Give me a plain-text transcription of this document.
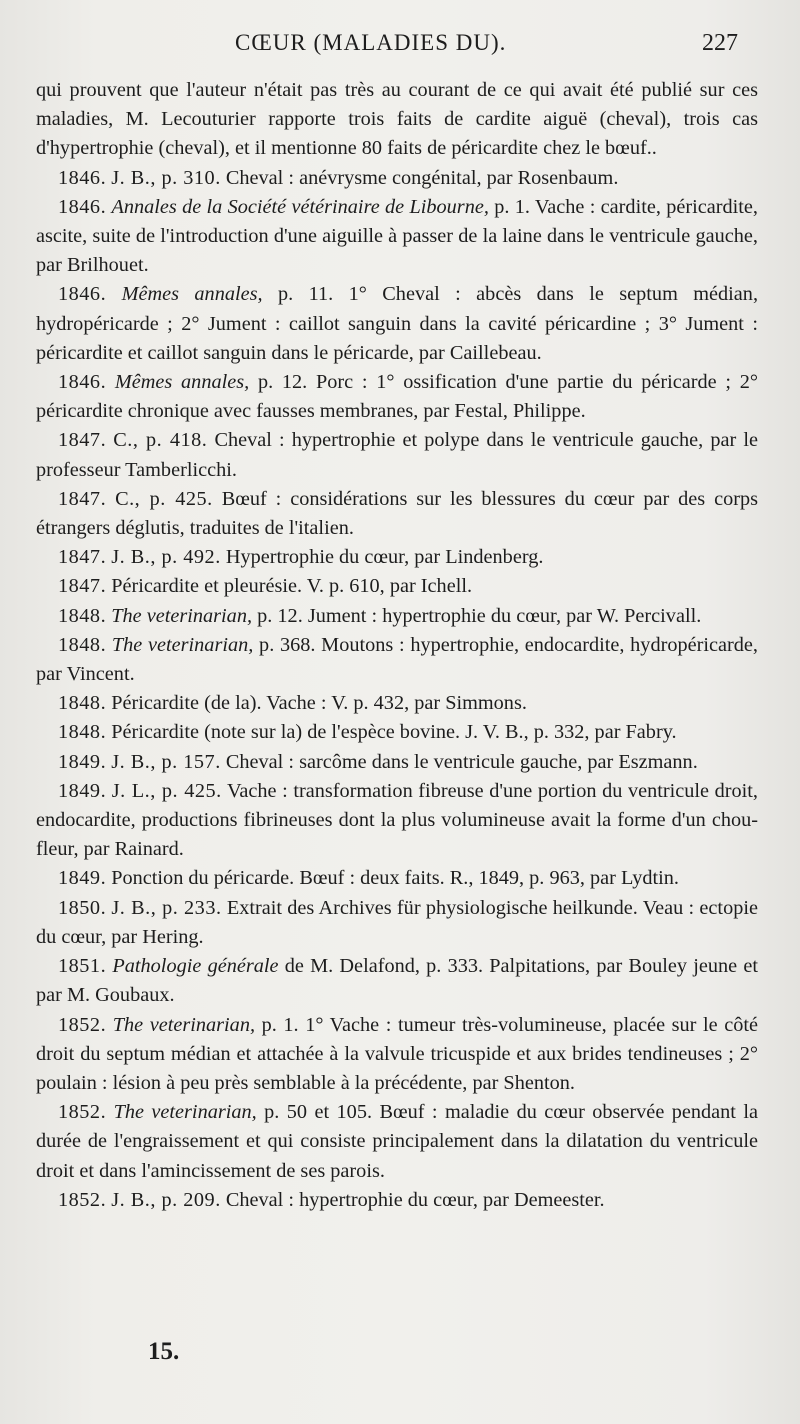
CŒUR (MALADIES DU).	227

qui prouvent que l'auteur n'était pas très au courant de ce qui avait été publié sur ces maladies, M. Lecouturier rapporte trois faits de cardite aiguë (cheval), trois cas d'hypertrophie (cheval), et il mentionne 80 faits de péricardite chez le bœuf..

1846. J. B., p. 310. Cheval : anévrysme congénital, par Rosenbaum.

1846. Annales de la Société vétérinaire de Libourne, p. 1. Vache : cardite, péricardite, ascite, suite de l'introduction d'une aiguille à passer de la laine dans le ventricule gauche, par Brilhouet.

1846. Mêmes annales, p. 11. 1° Cheval : abcès dans le septum médian, hydropéricarde ; 2° Jument : caillot sanguin dans la cavité péricardine ; 3° Jument : péricardite et caillot sanguin dans le péricarde, par Caillebeau.

1846. Mêmes annales, p. 12. Porc : 1° ossification d'une partie du péricarde ; 2° péricardite chronique avec fausses membranes, par Festal, Philippe.

1847. C., p. 418. Cheval : hypertrophie et polype dans le ventricule gauche, par le professeur Tamberlicchi.

1847. C., p. 425. Bœuf : considérations sur les blessures du cœur par des corps étrangers déglutis, traduites de l'italien.

1847. J. B., p. 492. Hypertrophie du cœur, par Lindenberg.

1847. Péricardite et pleurésie. V. p. 610, par Ichell.

1848. The veterinarian, p. 12. Jument : hypertrophie du cœur, par W. Percivall.

1848. The veterinarian, p. 368. Moutons : hypertrophie, endocardite, hydropéricarde, par Vincent.

1848. Péricardite (de la). Vache : V. p. 432, par Simmons.

1848. Péricardite (note sur la) de l'espèce bovine. J. V. B., p. 332, par Fabry.

1849. J. B., p. 157. Cheval : sarcôme dans le ventricule gauche, par Eszmann.

1849. J. L., p. 425. Vache : transformation fibreuse d'une portion du ventricule droit, endocardite, productions fibrineuses dont la plus volumineuse avait la forme d'un chou-fleur, par Rainard.

1849. Ponction du péricarde. Bœuf : deux faits. R., 1849, p. 963, par Lydtin.

1850. J. B., p. 233. Extrait des Archives für physiologische heilkunde. Veau : ectopie du cœur, par Hering.

1851. Pathologie générale de M. Delafond, p. 333. Palpitations, par Bouley jeune et par M. Goubaux.

1852. The veterinarian, p. 1. 1° Vache : tumeur très-volumineuse, placée sur le côté droit du septum médian et attachée à la valvule tricuspide et aux brides tendineuses ; 2° poulain : lésion à peu près semblable à la précédente, par Shenton.

1852. The veterinarian, p. 50 et 105. Bœuf : maladie du cœur observée pendant la durée de l'engraissement et qui consiste principalement dans la dilatation du ventricule droit et dans l'amincissement de ses parois.

1852. J. B., p. 209. Cheval : hypertrophie du cœur, par Demeester.

15.
